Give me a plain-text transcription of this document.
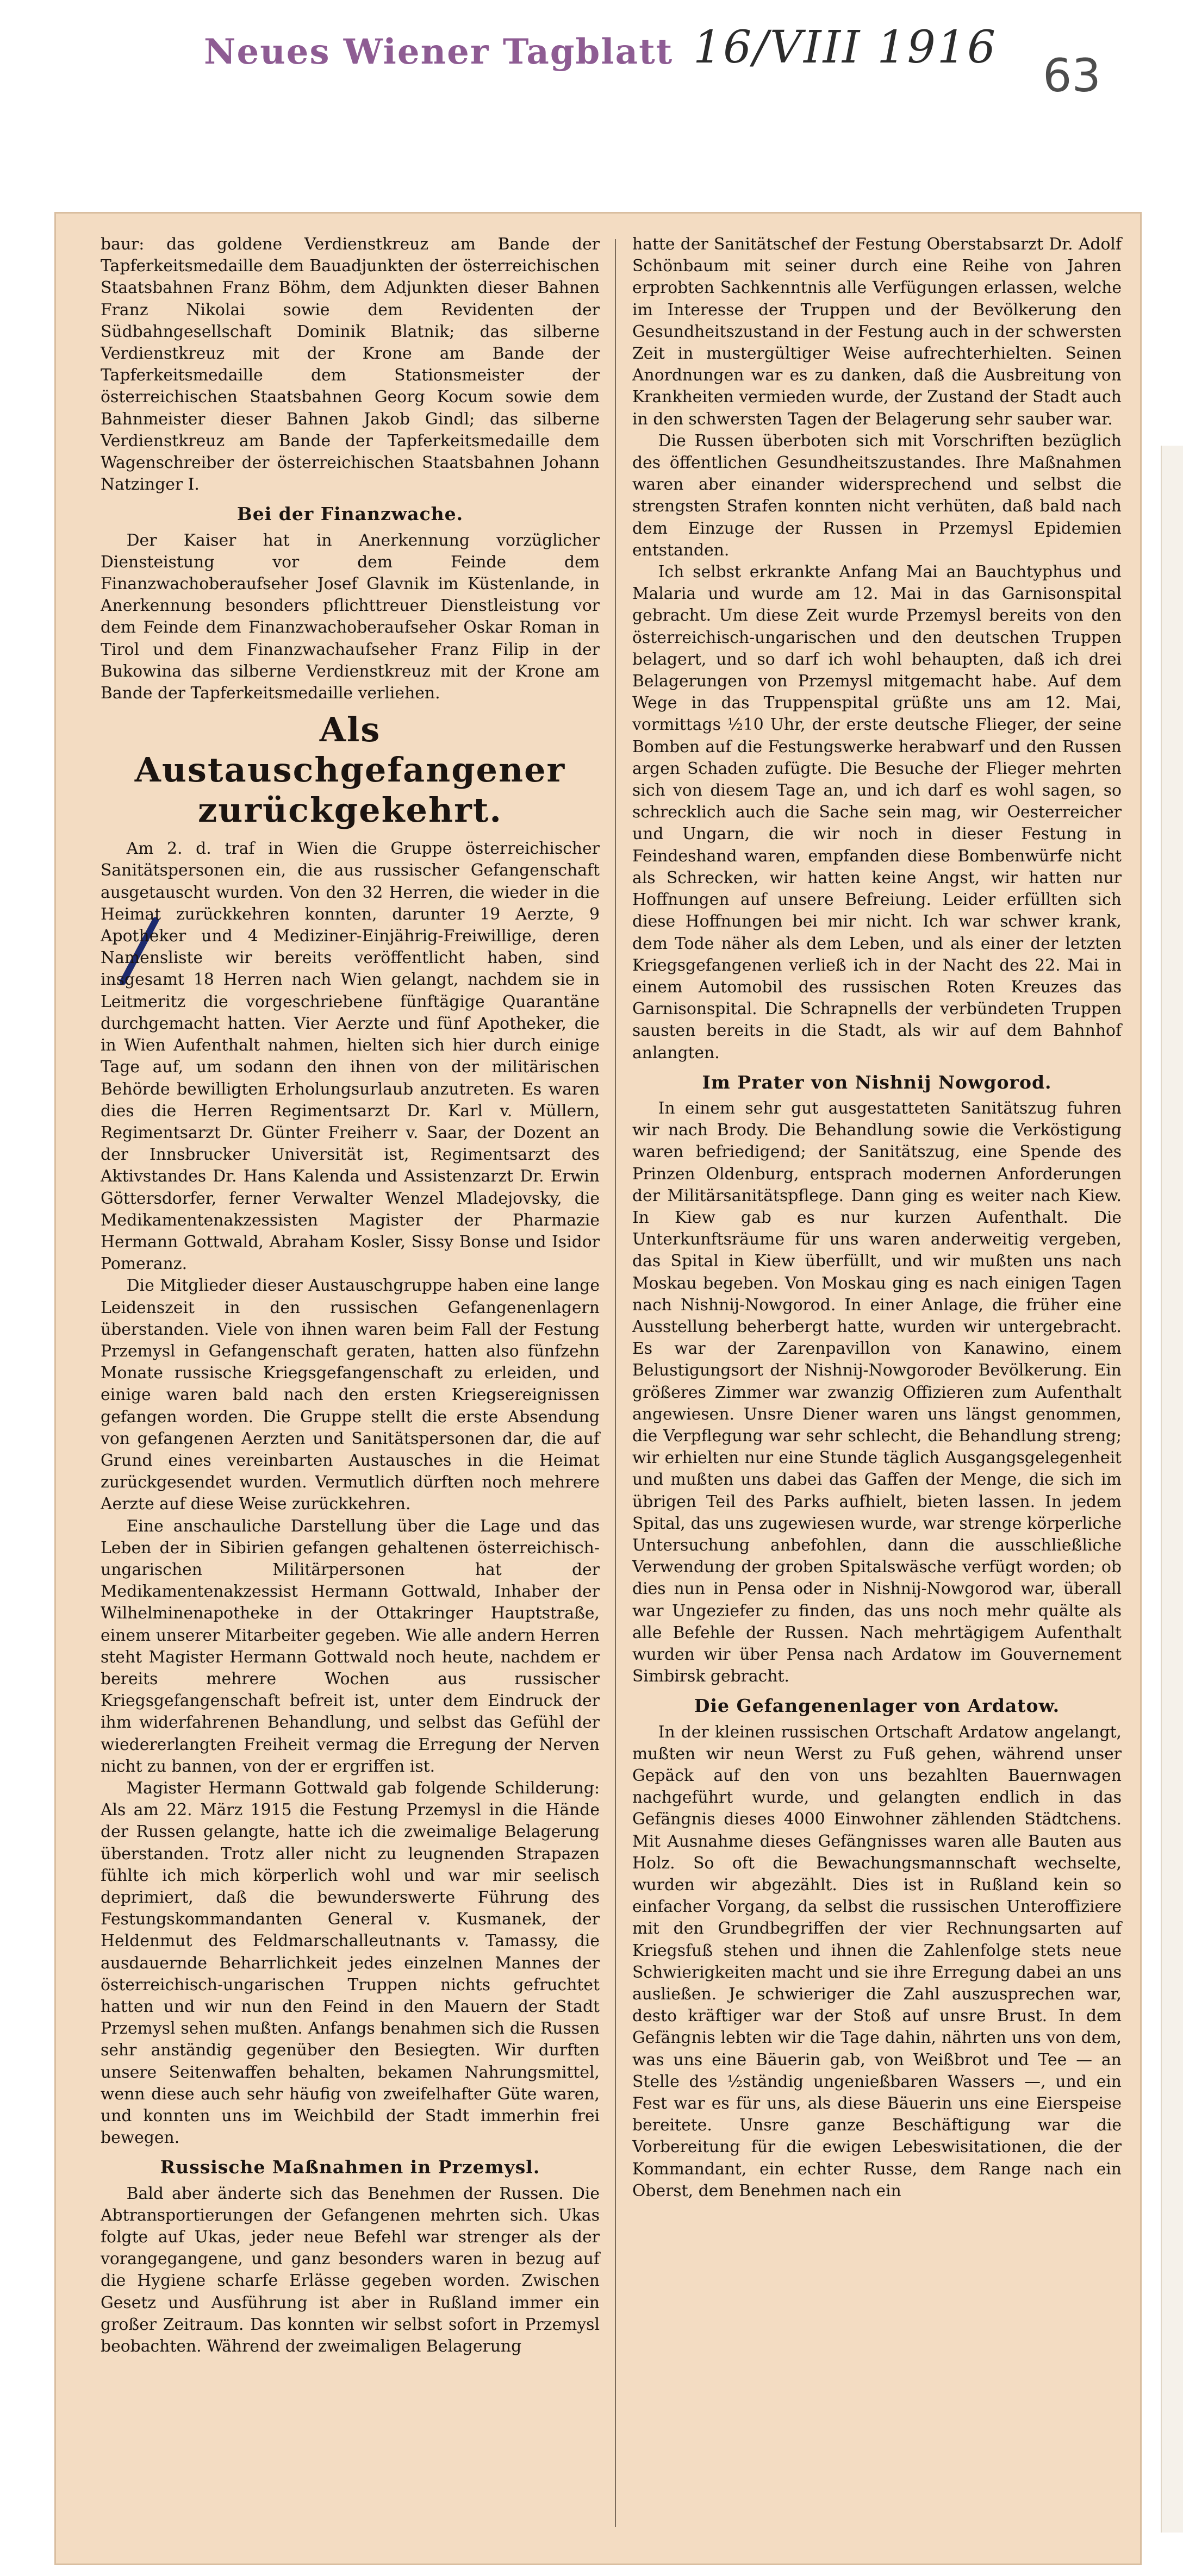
Neues Wiener Tagblatt 16/VIII 1916
63

baur: das goldene Verdienstkreuz am Bande der Tapferkeitsmedaille dem Bauadjunkten der österreichischen Staatsbahnen Franz Böhm, dem Adjunkten dieser Bahnen Franz Nikolai sowie dem Revidenten der Südbahngesellschaft Dominik Blatnik; das silberne Verdienstkreuz mit der Krone am Bande der Tapferkeitsmedaille dem Stationsmeister der österreichischen Staatsbahnen Georg Kocum sowie dem Bahnmeister dieser Bahnen Jakob Gindl; das silberne Verdienstkreuz am Bande der Tapferkeitsmedaille dem Wagenschreiber der österreichischen Staatsbahnen Johann Natzinger I.

Bei der Finanzwache.

Der Kaiser hat in Anerkennung vorzüglicher Diensteistung vor dem Feinde dem Finanzwachoberaufseher Josef Glavnik im Küstenlande, in Anerkennung besonders pflichttreuer Dienstleistung vor dem Feinde dem Finanzwachoberaufseher Oskar Roman in Tirol und dem Finanzwachaufseher Franz Filip in der Bukowina das silberne Verdienstkreuz mit der Krone am Bande der Tapferkeitsmedaille verliehen.

Als Austauschgefangener zurückgekehrt.

Am 2. d. traf in Wien die Gruppe österreichischer Sanitätspersonen ein, die aus russischer Gefangenschaft ausgetauscht wurden. Von den 32 Herren, die wieder in die Heimat zurückkehren konnten, darunter 19 Aerzte, 9 Apotheker und 4 Mediziner-Einjährig-Freiwillige, deren Namensliste wir bereits veröffentlicht haben, sind insgesamt 18 Herren nach Wien gelangt, nachdem sie in Leitmeritz die vorgeschriebene fünftägige Quarantäne durchgemacht hatten. Vier Aerzte und fünf Apotheker, die in Wien Aufenthalt nahmen, hielten sich hier durch einige Tage auf, um sodann den ihnen von der militärischen Behörde bewilligten Erholungsurlaub anzutreten. Es waren dies die Herren Regimentsarzt Dr. Karl v. Müllern, Regimentsarzt Dr. Günter Freiherr v. Saar, der Dozent an der Innsbrucker Universität ist, Regimentsarzt des Aktivstandes Dr. Hans Kalenda und Assistenzarzt Dr. Erwin Göttersdorfer, ferner Verwalter Wenzel Mladejovsky, die Medikamentenakzessisten Magister der Pharmazie Hermann Gottwald, Abraham Kosler, Sissy Bonse und Isidor Pomeranz.

Die Mitglieder dieser Austauschgruppe haben eine lange Leidenszeit in den russischen Gefangenenlagern überstanden. Viele von ihnen waren beim Fall der Festung Przemysl in Gefangenschaft geraten, hatten also fünfzehn Monate russische Kriegsgefangenschaft zu erleiden, und einige waren bald nach den ersten Kriegsereignissen gefangen worden. Die Gruppe stellt die erste Absendung von gefangenen Aerzten und Sanitätspersonen dar, die auf Grund eines vereinbarten Austausches in die Heimat zurückgesendet wurden. Vermutlich dürften noch mehrere Aerzte auf diese Weise zurückkehren.

Eine anschauliche Darstellung über die Lage und das Leben der in Sibirien gefangen gehaltenen österreichisch-ungarischen Militärpersonen hat der Medikamentenakzessist Hermann Gottwald, Inhaber der Wilhelminenapotheke in der Ottakringer Hauptstraße, einem unserer Mitarbeiter gegeben. Wie alle andern Herren steht Magister Hermann Gottwald noch heute, nachdem er bereits mehrere Wochen aus russischer Kriegsgefangenschaft befreit ist, unter dem Eindruck der ihm widerfahrenen Behandlung, und selbst das Gefühl der wiedererlangten Freiheit vermag die Erregung der Nerven nicht zu bannen, von der er ergriffen ist.

Magister Hermann Gottwald gab folgende Schilderung: Als am 22. März 1915 die Festung Przemysl in die Hände der Russen gelangte, hatte ich die zweimalige Belagerung überstanden. Trotz aller nicht zu leugnenden Strapazen fühlte ich mich körperlich wohl und war mir seelisch deprimiert, daß die bewunderswerte Führung des Festungskommandanten General v. Kusmanek, der Heldenmut des Feldmarschalleutnants v. Tamassy, die ausdauernde Beharrlichkeit jedes einzelnen Mannes der österreichisch-ungarischen Truppen nichts gefruchtet hatten und wir nun den Feind in den Mauern der Stadt Przemysl sehen mußten. Anfangs benahmen sich die Russen sehr anständig gegenüber den Besiegten. Wir durften unsere Seitenwaffen behalten, bekamen Nahrungsmittel, wenn diese auch sehr häufig von zweifelhafter Güte waren, und konnten uns im Weichbild der Stadt immerhin frei bewegen.

Russische Maßnahmen in Przemysl.

Bald aber änderte sich das Benehmen der Russen. Die Abtransportierungen der Gefangenen mehrten sich. Ukas folgte auf Ukas, jeder neue Befehl war strenger als der vorangegangene, und ganz besonders waren in bezug auf die Hygiene scharfe Erlässe gegeben worden. Zwischen Gesetz und Ausführung ist aber in Rußland immer ein großer Zeitraum. Das konnten wir selbst sofort in Przemysl beobachten. Während der zweimaligen Belagerung

hatte der Sanitätschef der Festung Oberstabsarzt Dr. Adolf Schönbaum mit seiner durch eine Reihe von Jahren erprobten Sachkenntnis alle Verfügungen erlassen, welche im Interesse der Truppen und der Bevölkerung den Gesundheitszustand in der Festung auch in der schwersten Zeit in mustergültiger Weise aufrechterhielten. Seinen Anordnungen war es zu danken, daß die Ausbreitung von Krankheiten vermieden wurde, der Zustand der Stadt auch in den schwersten Tagen der Belagerung sehr sauber war.

Die Russen überboten sich mit Vorschriften bezüglich des öffentlichen Gesundheitszustandes. Ihre Maßnahmen waren aber einander widersprechend und selbst die strengsten Strafen konnten nicht verhüten, daß bald nach dem Einzuge der Russen in Przemysl Epidemien entstanden.

Ich selbst erkrankte Anfang Mai an Bauchtyphus und Malaria und wurde am 12. Mai in das Garnisonspital gebracht. Um diese Zeit wurde Przemysl bereits von den österreichisch-ungarischen und den deutschen Truppen belagert, und so darf ich wohl behaupten, daß ich drei Belagerungen von Przemysl mitgemacht habe. Auf dem Wege in das Truppenspital grüßte uns am 12. Mai, vormittags ½10 Uhr, der erste deutsche Flieger, der seine Bomben auf die Festungswerke herabwarf und den Russen argen Schaden zufügte. Die Besuche der Flieger mehrten sich von diesem Tage an, und ich darf es wohl sagen, so schrecklich auch die Sache sein mag, wir Oesterreicher und Ungarn, die wir noch in dieser Festung in Feindeshand waren, empfanden diese Bombenwürfe nicht als Schrecken, wir hatten keine Angst, wir hatten nur Hoffnungen auf unsere Befreiung. Leider erfüllten sich diese Hoffnungen bei mir nicht. Ich war schwer krank, dem Tode näher als dem Leben, und als einer der letzten Kriegsgefangenen verließ ich in der Nacht des 22. Mai in einem Automobil des russischen Roten Kreuzes das Garnisonspital. Die Schrapnells der verbündeten Truppen sausten bereits in die Stadt, als wir auf dem Bahnhof anlangten.

Im Prater von Nishnij Nowgorod.

In einem sehr gut ausgestatteten Sanitätszug fuhren wir nach Brody. Die Behandlung sowie die Verköstigung waren befriedigend; der Sanitätszug, eine Spende des Prinzen Oldenburg, entsprach modernen Anforderungen der Militärsanitätspflege. Dann ging es weiter nach Kiew. In Kiew gab es nur kurzen Aufenthalt. Die Unterkunftsräume für uns waren anderweitig vergeben, das Spital in Kiew überfüllt, und wir mußten uns nach Moskau begeben. Von Moskau ging es nach einigen Tagen nach Nishnij-Nowgorod. In einer Anlage, die früher eine Ausstellung beherbergt hatte, wurden wir untergebracht. Es war der Zarenpavillon von Kanawino, einem Belustigungsort der Nishnij-Nowgoroder Bevölkerung. Ein größeres Zimmer war zwanzig Offizieren zum Aufenthalt angewiesen. Unsre Diener waren uns längst genommen, die Verpflegung war sehr schlecht, die Behandlung streng; wir erhielten nur eine Stunde täglich Ausgangsgelegenheit und mußten uns dabei das Gaffen der Menge, die sich im übrigen Teil des Parks aufhielt, bieten lassen. In jedem Spital, das uns zugewiesen wurde, war strenge körperliche Untersuchung anbefohlen, dann die ausschließliche Verwendung der groben Spitalswäsche verfügt worden; ob dies nun in Pensa oder in Nishnij-Nowgorod war, überall war Ungeziefer zu finden, das uns noch mehr quälte als alle Befehle der Russen. Nach mehrtägigem Aufenthalt wurden wir über Pensa nach Ardatow im Gouvernement Simbirsk gebracht.

Die Gefangenenlager von Ardatow.

In der kleinen russischen Ortschaft Ardatow angelangt, mußten wir neun Werst zu Fuß gehen, während unser Gepäck auf den von uns bezahlten Bauernwagen nachgeführt wurde, und gelangten endlich in das Gefängnis dieses 4000 Einwohner zählenden Städtchens. Mit Ausnahme dieses Gefängnisses waren alle Bauten aus Holz. So oft die Bewachungsmannschaft wechselte, wurden wir abgezählt. Dies ist in Rußland kein so einfacher Vorgang, da selbst die russischen Unteroffiziere mit den Grundbegriffen der vier Rechnungsarten auf Kriegsfuß stehen und ihnen die Zahlenfolge stets neue Schwierigkeiten macht und sie ihre Erregung dabei an uns ausließen. Je schwieriger die Zahl auszusprechen war, desto kräftiger war der Stoß auf unsre Brust. In dem Gefängnis lebten wir die Tage dahin, nährten uns von dem, was uns eine Bäuerin gab, von Weißbrot und Tee — an Stelle des ½ständig ungenießbaren Wassers —, und ein Fest war es für uns, als diese Bäuerin uns eine Eierspeise bereitete. Unsre ganze Beschäftigung war die Vorbereitung für die ewigen Lebeswisitationen, die der Kommandant, ein echter Russe, dem Range nach ein Oberst, dem Benehmen nach ein
